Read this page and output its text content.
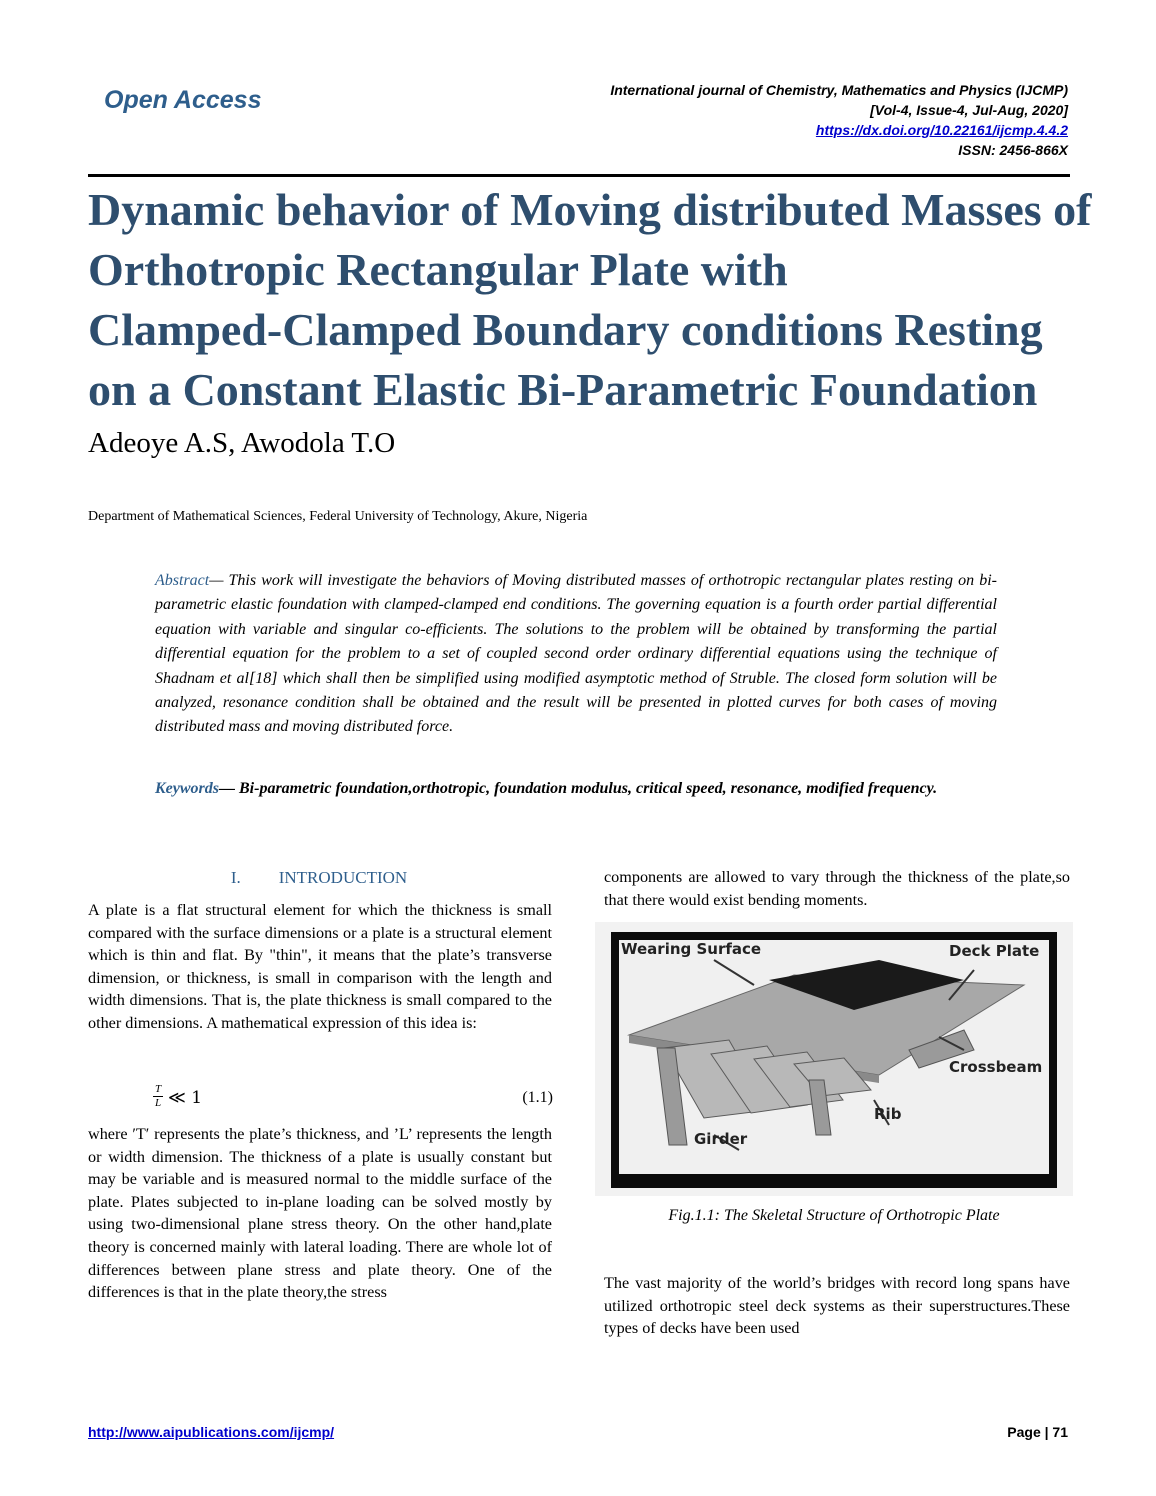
Open Access	International journal of Chemistry, Mathematics and Physics (IJCMP)
[Vol-4, Issue-4, Jul-Aug, 2020]
https://dx.doi.org/10.22161/ijcmp.4.4.2
ISSN: 2456-866X
Dynamic behavior of Moving distributed Masses of
Orthotropic Rectangular Plate with
Clamped-Clamped Boundary conditions Resting
on a Constant Elastic Bi-Parametric Foundation
Adeoye A.S, Awodola T.O
Department of Mathematical Sciences, Federal University of Technology, Akure, Nigeria
Abstract— This work will investigate the behaviors of Moving distributed masses of orthotropic rectangular plates resting on bi-parametric elastic foundation with clamped-clamped end conditions. The governing equation is a fourth order partial differential equation with variable and singular co-efficients. The solutions to the problem will be obtained by transforming the partial differential equation for the problem to a set of coupled second order ordinary differential equations using the technique of Shadnam et al[18] which shall then be simplified using modified asymptotic method of Struble. The closed form solution will be analyzed, resonance condition shall be obtained and the result will be presented in plotted curves for both cases of moving distributed mass and moving distributed force.
Keywords— Bi-parametric foundation,orthotropic, foundation modulus, critical speed, resonance, modified frequency.
I. INTRODUCTION
A plate is a flat structural element for which the thickness is small compared with the surface dimensions or a plate is a structural element which is thin and flat. By "thin", it means that the plate’s transverse dimension, or thickness, is small in comparison with the length and width dimensions. That is, the plate thickness is small compared to the other dimensions. A mathematical expression of this idea is:
$\frac{T}{L}$ ≪ 1	(1.1)
where ′T′ represents the plate’s thickness, and ’L’ represents the length or width dimension. The thickness of a plate is usually constant but may be variable and is measured normal to the middle surface of the plate. Plates subjected to in-plane loading can be solved mostly by using two-dimensional plane stress theory. On the other hand,plate theory is concerned mainly with lateral loading. There are whole lot of differences between plane stress and plate theory. One of the differences is that in the plate theory,the stress
components are allowed to vary through the thickness of the plate,so that there would exist bending moments.
Wearing Surface	Deck Plate
Crossbeam
Rib
Girder
Fig.1.1: The Skeletal Structure of Orthotropic Plate
The vast majority of the world’s bridges with record long spans have utilized orthotropic steel deck systems as their superstructures.These types of decks have been used
http://www.aipublications.com/ijcmp/	Page | 71
